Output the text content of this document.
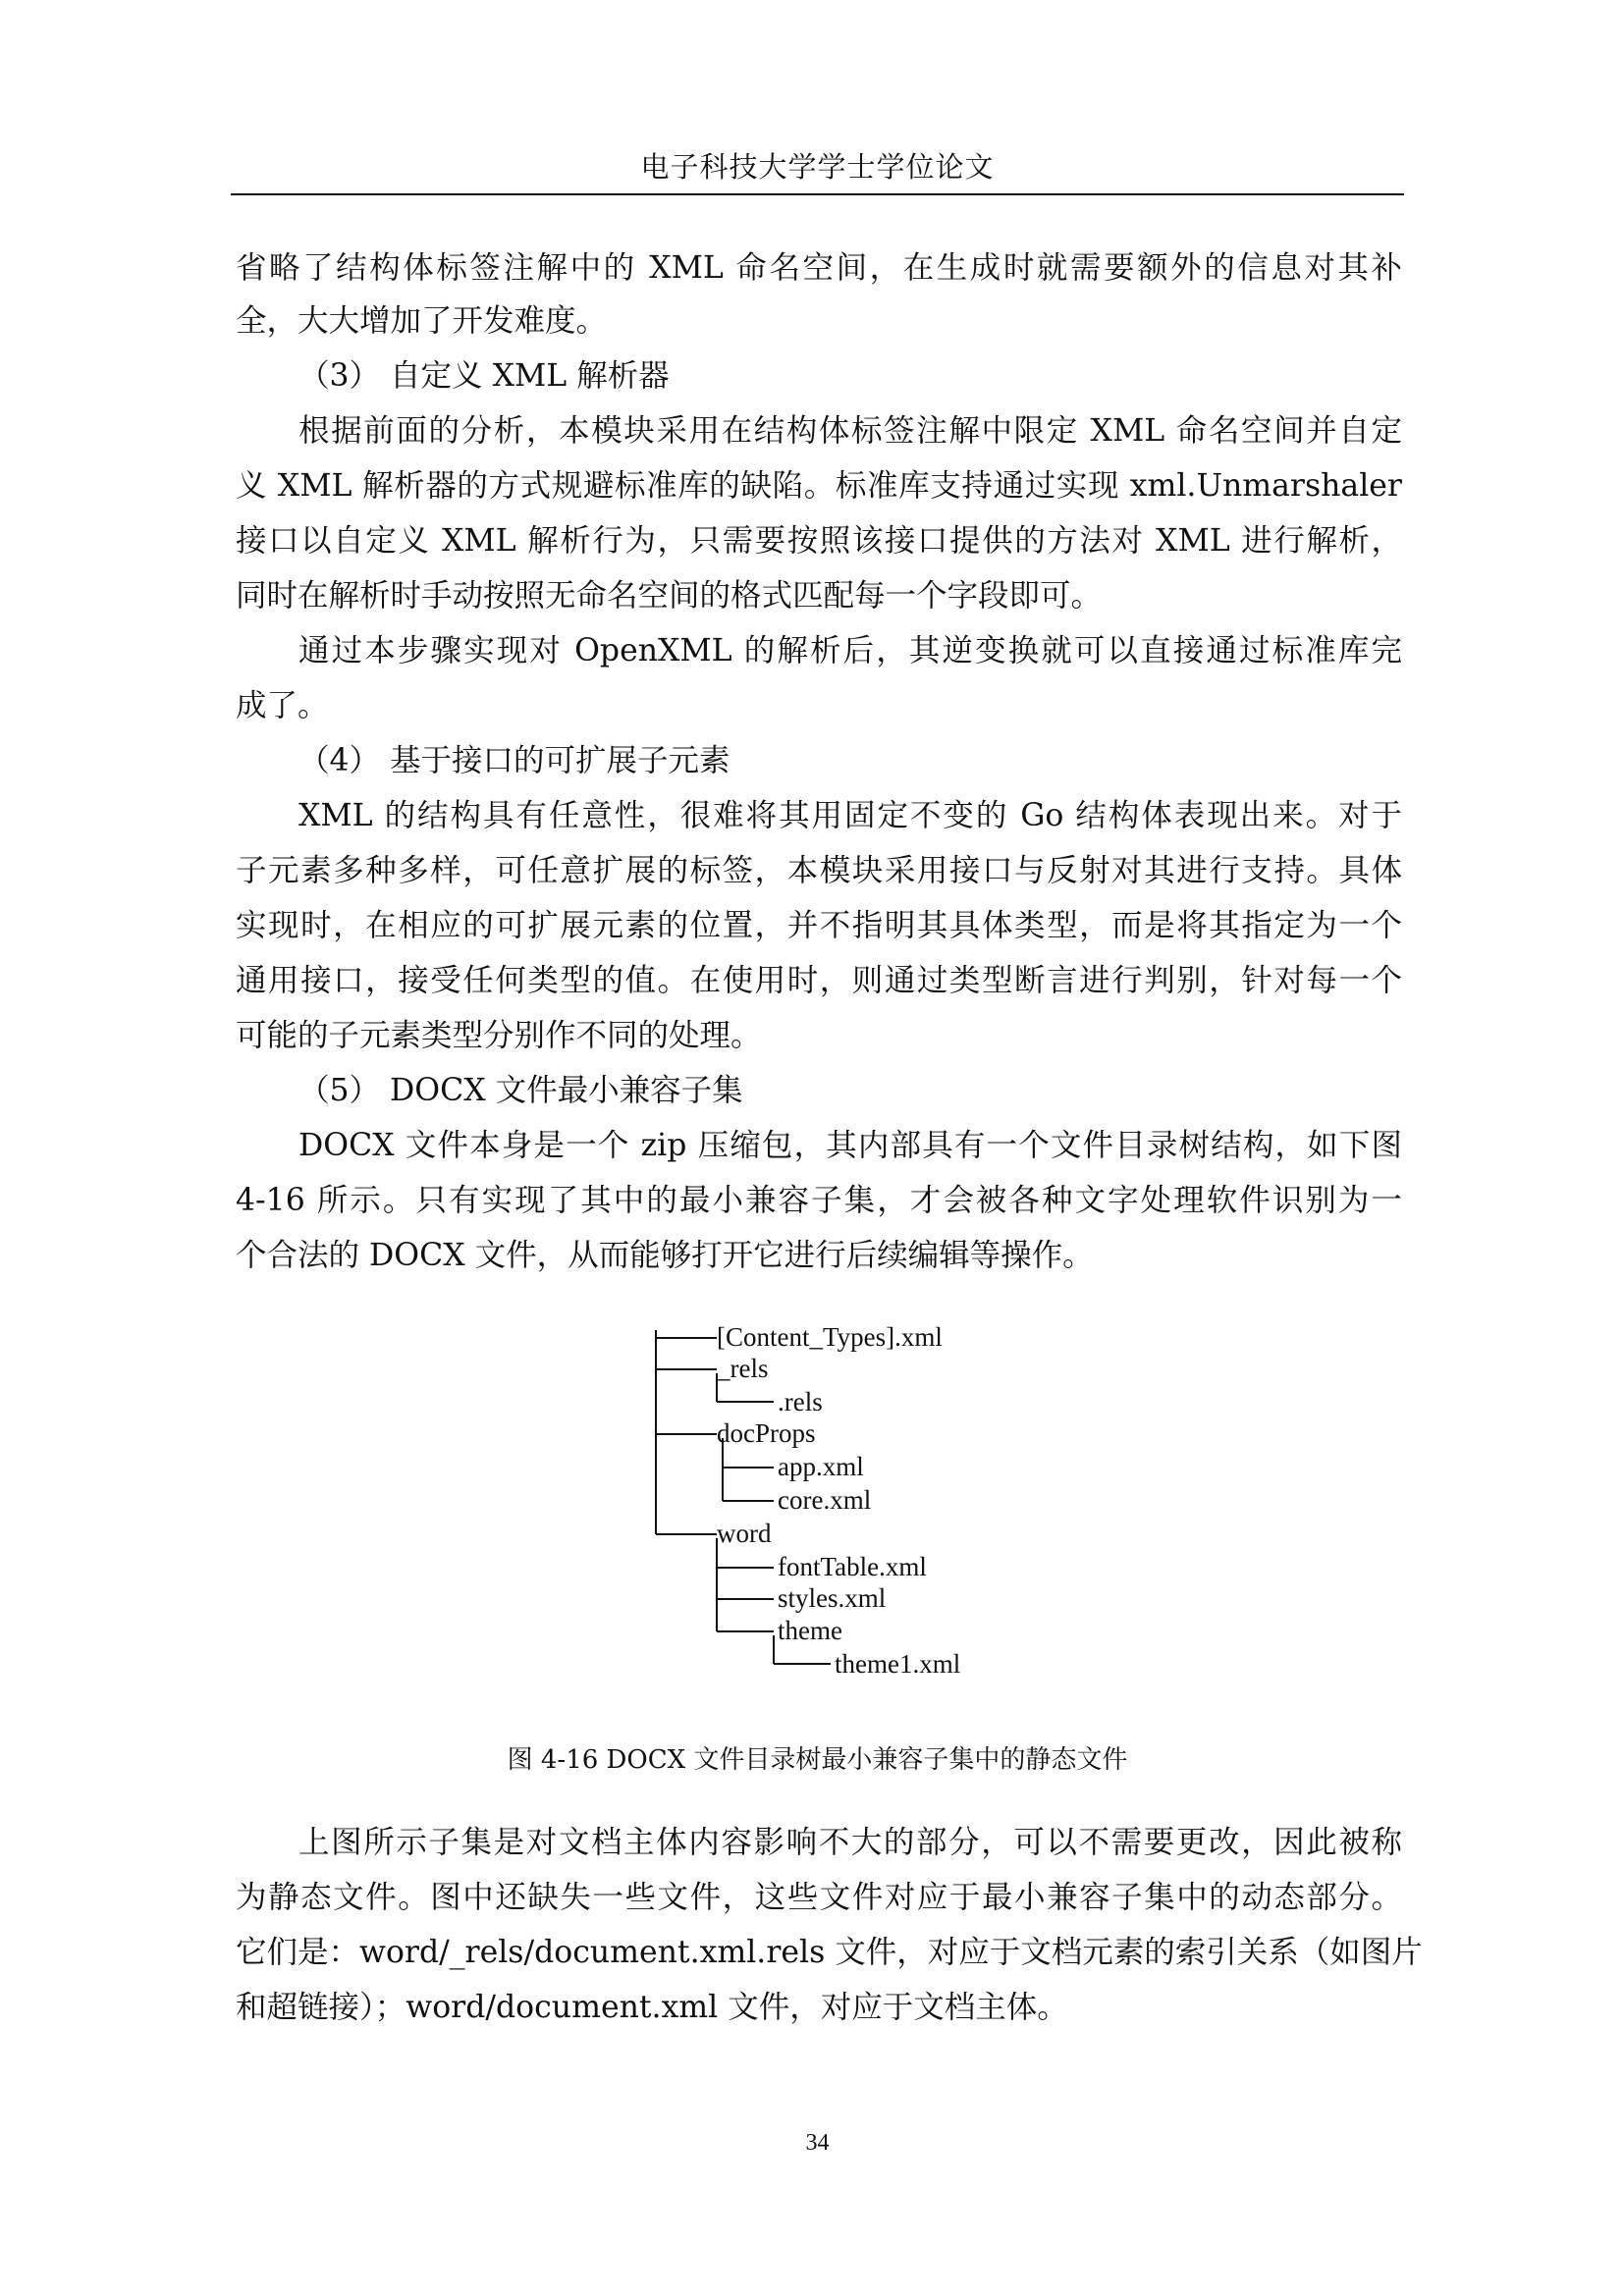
电子科技大学学士学位论文
省略了结构体标签注解中的 XML 命名空间，在生成时就需要额外的信息对其补
全，大大增加了开发难度。
（3） 自定义 XML 解析器
根据前面的分析，本模块采用在结构体标签注解中限定 XML 命名空间并自定
义 XML 解析器的方式规避标准库的缺陷。标准库支持通过实现 xml.Unmarshaler
接口以自定义 XML 解析行为，只需要按照该接口提供的方法对 XML 进行解析，
同时在解析时手动按照无命名空间的格式匹配每一个字段即可。
通过本步骤实现对 OpenXML 的解析后，其逆变换就可以直接通过标准库完
成了。
（4） 基于接口的可扩展子元素
XML 的结构具有任意性，很难将其用固定不变的 Go 结构体表现出来。对于
子元素多种多样，可任意扩展的标签，本模块采用接口与反射对其进行支持。具体
实现时，在相应的可扩展元素的位置，并不指明其具体类型，而是将其指定为一个
通用接口，接受任何类型的值。在使用时，则通过类型断言进行判别，针对每一个
可能的子元素类型分别作不同的处理。
（5） DOCX 文件最小兼容子集
DOCX 文件本身是一个 zip 压缩包，其内部具有一个文件目录树结构，如下图
4-16 所示。只有实现了其中的最小兼容子集，才会被各种文字处理软件识别为一
个合法的 DOCX 文件，从而能够打开它进行后续编辑等操作。
[Content_Types].xml
_rels
.rels
docProps
app.xml
core.xml
word
fontTable.xml
styles.xml
theme
theme1.xml
图 4-16 DOCX 文件目录树最小兼容子集中的静态文件
上图所示子集是对文档主体内容影响不大的部分，可以不需要更改，因此被称
为静态文件。图中还缺失一些文件，这些文件对应于最小兼容子集中的动态部分。
它们是：word/_rels/document.xml.rels 文件，对应于文档元素的索引关系（如图片
和超链接）；word/document.xml 文件，对应于文档主体。
34
